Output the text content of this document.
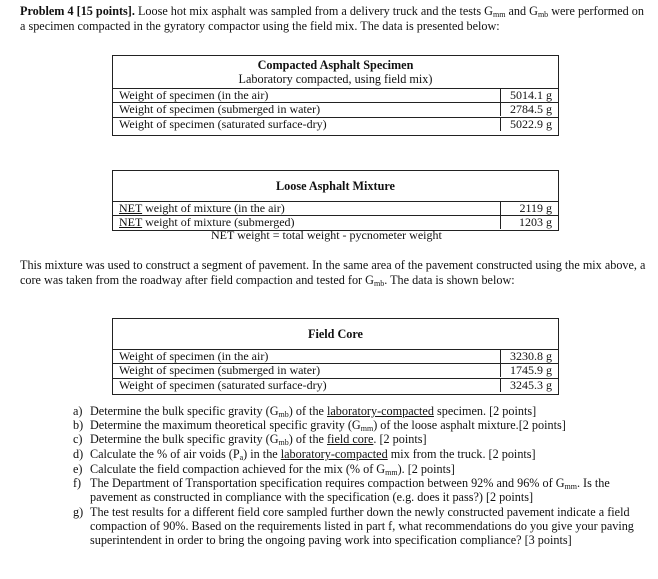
Problem 4 [15 points]. Loose hot mix asphalt was sampled from a delivery truck and the tests $G_{mm}$ and $G_{mb}$ were performed on a specimen compacted in the gyratory compactor using the field mix. The data is presented below:
Compacted Asphalt Specimen
Laboratory compacted, using field mix)
Weight of specimen (in the air)	5014.1 g
Weight of specimen (submerged in water)	2784.5 g
Weight of specimen (saturated surface-dry)	5022.9 g
Loose Asphalt Mixture
NET weight of mixture (in the air)	2119 g
NET weight of mixture (submerged)	1203 g
NET weight = total weight - pycnometer weight
This mixture was used to construct a segment of pavement. In the same area of the pavement constructed using the mix above, a core was taken from the roadway after field compaction and tested for $G_{mb}$. The data is shown below:
Field Core
Weight of specimen (in the air)	3230.8 g
Weight of specimen (submerged in water)	1745.9 g
Weight of specimen (saturated surface-dry)	3245.3 g
a) Determine the bulk specific gravity $(G_{mb})$ of the laboratory-compacted specimen. [2 points]
b) Determine the maximum theoretical specific gravity $(G_{mm})$ of the loose asphalt mixture.[2 points]
c) Determine the bulk specific gravity $(G_{mb})$ of the field core. [2 points]
d) Calculate the % of air voids $(P_a)$ in the laboratory-compacted mix from the truck. [2 points]
e) Calculate the field compaction achieved for the mix (% of $G_{mm}$). [2 points]
f) The Department of Transportation specification requires compaction between 92% and 96% of $G_{mm}$. Is the pavement as constructed in compliance with the specification (e.g. does it pass?) [2 points]
g) The test results for a different field core sampled further down the newly constructed pavement indicate a field compaction of 90%. Based on the requirements listed in part f, what recommendations do you give your paving superintendent in order to bring the ongoing paving work into specification compliance? [3 points]
